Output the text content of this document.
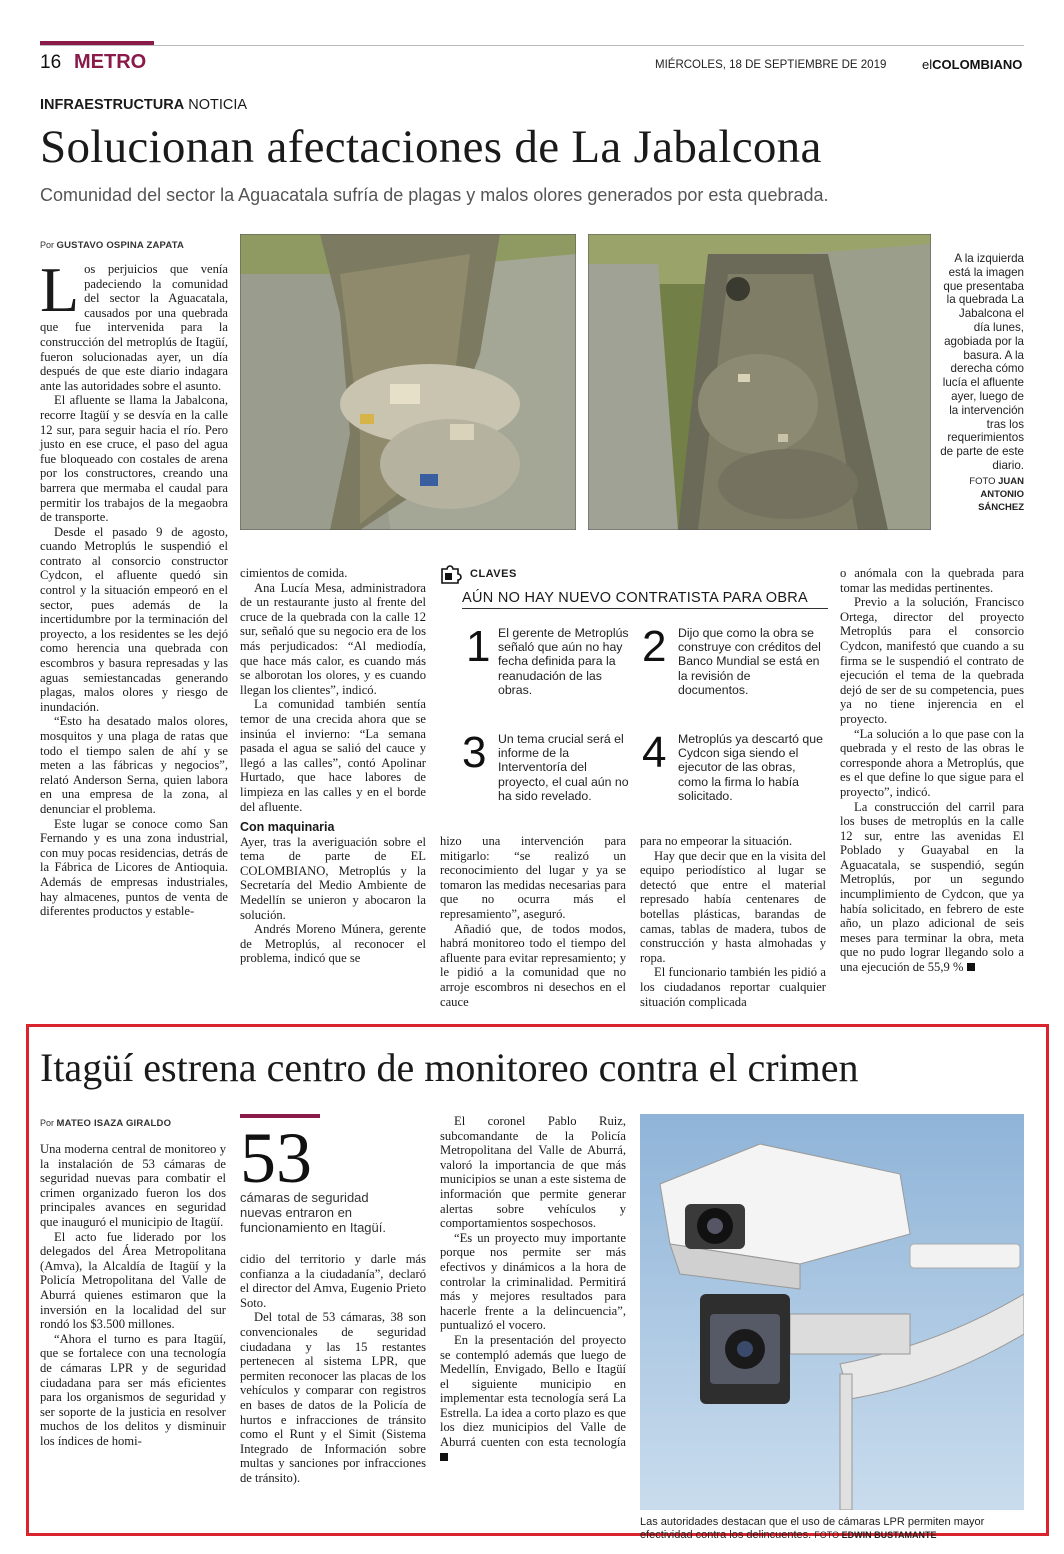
16 METRO	MIÉRCOLES, 18 DE SEPTIEMBRE DE 2019	elCOLOMBIANO
INFRAESTRUCTURA NOTICIA
Solucionan afectaciones de La Jabalcona
Comunidad del sector la Aguacatala sufría de plagas y malos olores generados por esta quebrada.
Por GUSTAVO OSPINA ZAPATA

Los perjuicios que venía padeciendo la comunidad del sector la Aguacatala, causados por una quebrada que fue intervenida para la construcción del metroplús de Itagüí, fueron solucionadas ayer, un día después de que este diario indagara ante las autoridades sobre el asunto.

El afluente se llama la Jabalcona, recorre Itagüí y se desvía en la calle 12 sur, para seguir hacia el río. Pero justo en ese cruce, el paso del agua fue bloqueado con costales de arena por los constructores, creando una barrera que mermaba el caudal para permitir los trabajos de la megaobra de transporte.

Desde el pasado 9 de agosto, cuando Metroplús le suspendió el contrato al consorcio constructor Cydcon, el afluente quedó sin control y la situación empeoró en el sector, pues además de la incertidumbre por la terminación del proyecto, a los residentes se les dejó como herencia una quebrada con escombros y basura represadas y las aguas semiestancadas generando plagas, malos olores y riesgo de inundación.

“Esto ha desatado malos olores, mosquitos y una plaga de ratas que todo el tiempo salen de ahí y se meten a las fábricas y negocios”, relató Anderson Serna, quien labora en una empresa de la zona, al denunciar el problema.

Este lugar se conoce como San Fernando y es una zona industrial, con muy pocas residencias, detrás de la Fábrica de Licores de Antioquia. Además de empresas industriales, hay almacenes, puntos de venta de diferentes productos y estable-

A la izquierda está la imagen que presentaba la quebrada La Jabalcona el día lunes, agobiada por la basura. A la derecha cómo lucía el afluente ayer, luego de la intervención tras los requerimientos de parte de este diario.
FOTO JUAN ANTONIO SÁNCHEZ

cimientos de comida.

Ana Lucía Mesa, administradora de un restaurante justo al frente del cruce de la quebrada con la calle 12 sur, señaló que su negocio era de los más perjudicados: “Al mediodía, que hace más calor, es cuando más se alborotan los olores, y es cuando llegan los clientes”, indicó.

La comunidad también sentía temor de una crecida ahora que se insinúa el invierno: “La semana pasada el agua se salió del cauce y llegó a las calles”, contó Apolinar Hurtado, que hace labores de limpieza en las calles y en el borde del afluente.

Con maquinaria

Ayer, tras la averiguación sobre el tema de parte de EL COLOMBIANO, Metroplús y la Secretaría del Medio Ambiente de Medellín se unieron y abocaron la solución.

Andrés Moreno Múnera, gerente de Metroplús, al reconocer el problema, indicó que se

CLAVES
AÚN NO HAY NUEVO CONTRATISTA PARA OBRA
1 El gerente de Metroplús señaló que aún no hay fecha definida para la reanudación de las obras.
2 Dijo que como la obra se construye con créditos del Banco Mundial se está en la revisión de documentos.
3 Un tema crucial será el informe de la Interventoría del proyecto, el cual aún no ha sido revelado.
4 Metroplús ya descartó que Cydcon siga siendo el ejecutor de las obras, como la firma lo había solicitado.

hizo una intervención para mitigarlo: “se realizó un reconocimiento del lugar y ya se tomaron las medidas necesarias para que no ocurra más el represamiento”, aseguró.

Añadió que, de todos modos, habrá monitoreo todo el tiempo del afluente para evitar represamiento; y le pidió a la comunidad que no arroje escombros ni desechos en el cauce

para no empeorar la situación.

Hay que decir que en la visita del equipo periodístico al lugar se detectó que entre el material represado había centenares de botellas plásticas, barandas de camas, tablas de madera, tubos de construcción y hasta almohadas y ropa.

El funcionario también les pidió a los ciudadanos reportar cualquier situación complicada

o anómala con la quebrada para tomar las medidas pertinentes.

Previo a la solución, Francisco Ortega, director del proyecto Metroplús para el consorcio Cydcon, manifestó que cuando a su firma se le suspendió el contrato de ejecución el tema de la quebrada dejó de ser de su competencia, pues ya no tiene injerencia en el proyecto.

“La solución a lo que pase con la quebrada y el resto de las obras le corresponde ahora a Metroplús, que es el que define lo que sigue para el proyecto”, indicó.

La construcción del carril para los buses de metroplús en la calle 12 sur, entre las avenidas El Poblado y Guayabal en la Aguacatala, se suspendió, según Metroplús, por un segundo incumplimiento de Cydcon, que ya había solicitado, en febrero de este año, un plazo adicional de seis meses para terminar la obra, meta que no pudo lograr llegando solo a una ejecución de 55,9 %

Itagüí estrena centro de monitoreo contra el crimen
Por MATEO ISAZA GIRALDO

Una moderna central de monitoreo y la instalación de 53 cámaras de seguridad nuevas para combatir el crimen organizado fueron los dos principales avances en seguridad que inauguró el municipio de Itagüí.

El acto fue liderado por los delegados del Área Metropolitana (Amva), la Alcaldía de Itagüí y la Policía Metropolitana del Valle de Aburrá quienes estimaron que la inversión en la localidad del sur rondó los $3.500 millones.

“Ahora el turno es para Itagüí, que se fortalece con una tecnología de cámaras LPR y de seguridad ciudadana para ser más eficientes para los organismos de seguridad y ser soporte de la justicia en resolver muchos de los delitos y disminuir los índices de homi-

53
cámaras de seguridad nuevas entraron en funcionamiento en Itagüí.

cidio del territorio y darle más confianza a la ciudadanía”, declaró el director del Amva, Eugenio Prieto Soto.

Del total de 53 cámaras, 38 son convencionales de seguridad ciudadana y las 15 restantes pertenecen al sistema LPR, que permiten reconocer las placas de los vehículos y comparar con registros en bases de datos de la Policía de hurtos e infracciones de tránsito como el Runt y el Simit (Sistema Integrado de Información sobre multas y sanciones por infracciones de tránsito).

El coronel Pablo Ruiz, subcomandante de la Policía Metropolitana del Valle de Aburrá, valoró la importancia de que más municipios se unan a este sistema de información que permite generar alertas sobre vehículos y comportamientos sospechosos.

“Es un proyecto muy importante porque nos permite ser más efectivos y dinámicos a la hora de controlar la criminalidad. Permitirá más y mejores resultados para hacerle frente a la delincuencia”, puntualizó el vocero.

En la presentación del proyecto se contempló además que luego de Medellín, Envigado, Bello e Itagüí el siguiente municipio en implementar esta tecnología será La Estrella. La idea a corto plazo es que los diez municipios del Valle de Aburrá cuenten con esta tecnología

Las autoridades destacan que el uso de cámaras LPR permiten mayor efectividad contra los delincuentes. FOTO EDWIN BUSTAMANTE
